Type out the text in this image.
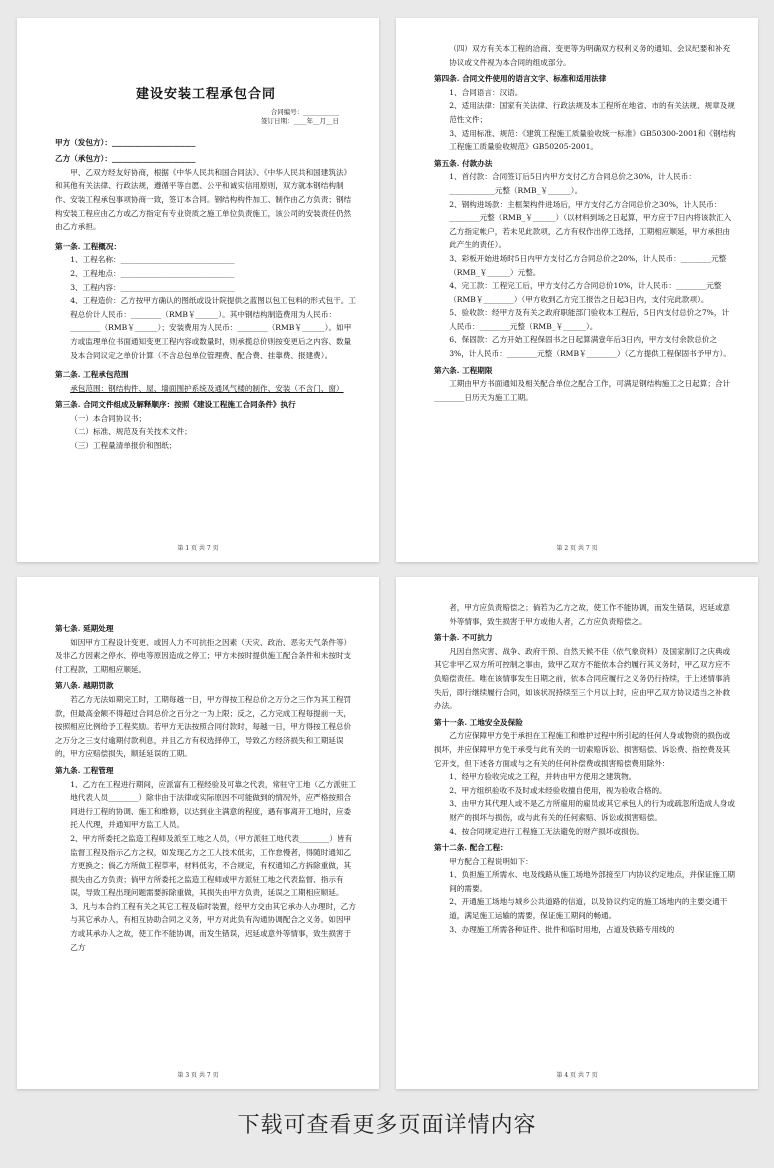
建设安装工程承包合同
合同编号：___________
签订日期：____年__月__日

甲方（发包方）：______________________

乙方（承包方）：______________________

甲、乙双方经友好协商，根据《中华人民共和国合同法》、《中华人民共和国建筑法》和其他有关法律、行政法规，遵循平等自愿、公平和诚实信用原则，双方就本钢结构制作、安装工程承包事项协商一致，签订本合同。钢结构构件加工、制作由乙方负责；钢结构安装工程应由乙方或乙方指定有专业资质之施工单位负责施工，该公司的安装责任仍然由乙方承担。

第一条. 工程概况：

1、工程名称：______________________________

2、工程地点：______________________________

3、工程内容：______________________________

4、工程造价：乙方按甲方确认的图纸或设计院提供之蓝图以包工包料的形式包干。工程总价计人民币：________（RMB￥______）。其中钢结构制造费用为人民币：________（RMB￥______）；安装费用为人民币：________（RMB￥______）。如甲方或监理单位书面通知变更工程内容或数量时，则承揽总价则按变更后之内容、数量及本合同议定之单价计算（不含总包单位管理费、配合费、挂靠费、报建费）。

第二条. 工程承包范围

承包范围：钢结构件、屋、墙面围护系统及通风气楼的制作、安装（不含门、窗）

第三条. 合同文件组成及解释顺序：按照《建设工程施工合同条件》执行

（一）本合同协议书；

（二）标准、规范及有关技术文件；

（三）工程量清单报价和图纸；

第 1 页 共 7 页

（四）双方有关本工程的洽商、变更等为明确双方权利义务的通知、会议纪要和补充协议或文件视为本合同的组成部分。

第四条. 合同文件使用的语言文字、标准和适用法律

1、合同语言：汉语。

2、适用法律：国家有关法律、行政法规及本工程所在地省、市的有关法规、规章及规范性文件；

3、适用标准、规范：《建筑工程施工质量验收统一标准》GB50300-2001和《钢结构工程施工质量验收规范》GB50205-2001。

第五条. 付款办法

1、首付款：合同签订后5日内甲方支付乙方合同总价之30%，计人民币：____________元整（RMB_￥______）。

2、钢构进场款：主框架构件进场后，甲方支付乙方合同总价之30%，计人民币：________元整（RMB_￥______）（以材料到场之日起算，甲方应于7日内将该款汇入乙方指定帐户，若未见此款项，乙方有权作出停工选择，工期相应顺延，甲方承担由此产生的责任）。

3、彩板开始进场时5日内甲方支付乙方合同总价之20%，计人民币：________元整（RMB_￥______）元整。

4、完工款：工程完工后，甲方支付乙方合同总价10%，计人民币：________元整（RMB￥________）（甲方收到乙方完工报告之日起3日内，支付完此款项）。

5、验收款：经甲方及有关之政府职能部门验收本工程后，5日内支付总价之7%，计人民币：________元整（RMB_￥______）。

6、保固款：乙方开始工程保固书之日起算满壹年后3日内，甲方支付余款总价之3%，计人民币：________元整（RMB￥________）（乙方提供工程保固书予甲方）。

第六条. 工程期限

工期由甲方书面通知及相关配合单位之配合工作，可满足钢结构施工之日起算；合计________日历天为施工工期。

第 2 页 共 7 页

第七条. 延期处理

如因甲方工程设计变更、或因人力不可抗拒之因素（天灾、政治、恶劣天气条件等）及非乙方因素之停水、停电等原因造成之停工；甲方未按时提供施工配合条件和未按时支付工程款，工期相应顺延。

第八条. 越期罚款

若乙方无法如期完工时，工期每越一日，甲方得按工程总价之万分之三作为其工程罚款，但最高金额不得超过合同总价之百分之一为上限；反之，乙方完成工程每提前一天，按照相应比例给予工程奖励。若甲方无法按照合同付款时，每越一日，甲方得按工程总价之万分之三支付逾期付款利息，并且乙方有权选择停工，导致乙方经济损失和工期延误的，甲方应赔偿损失，顺延延误的工期。

第九条. 工程管理

1、乙方在工程进行期间，应派富有工程经验及可靠之代表，常驻守工地（乙方派驻工地代表人员________）除非由于法律或实际原因不可能做到的情况外，应严格按照合同进行工程的协调、施工和维修，以达到业主满意的程度，遇有事离开工地时，应委托人代理，并通知甲方监工人员。

2、甲方所委托之监造工程师及派至工地之人员，（甲方派驻工地代表________）皆有监督工程及指示乙方之权，如发现乙方之工人技术低劣，工作怠慢者，得随时通知乙方更换之；倘乙方所做工程草率，材料低劣，不合规定，有权通知乙方拆除重做，其损失由乙方负责；倘甲方所委托之监造工程师或甲方派驻工地之代表监督、指示有误，导致工程出现问题需要拆除重做，其损失由甲方负责，延误之工期相应顺延。

3、凡与本合约工程有关之其它工程及临时装置，经甲方交由其它承办人办理时，乙方与其它承办人，有相互协助合同之义务，甲方对此负有沟通协调配合之义务。如因甲方或其承办人之故，使工作不能协调，而发生错误，迟延或意外等情事，致生损害于乙方

第 3 页 共 7 页

者，甲方应负责赔偿之；倘若为乙方之故，使工作不能协调，而发生错误，迟延或意外等情事，致生损害于甲方或他人者，乙方应负责赔偿之。

第十条. 不可抗力

凡因自然灾害、战争、政府干预、自然天候不佳（依气象资料）及国家制订之庆典或其它非甲乙双方所可控制之事由，致甲乙双方不能依本合约履行其义务时，甲乙双方应不负赔偿责任。唯在该情事发生日期之前，依本合同应履行之义务仍行持续，于上述情事消失后，即行继续履行合同，如该状况持续至三个月以上时，应由甲乙双方协议适当之补救办法。

第十一条. 工地安全及保险

乙方应保障甲方免于承担在工程施工和维护过程中所引起的任何人身或物资的损伤或损坏，并应保障甲方免于承受与此有关的一切索赔诉讼、损害赔偿、诉讼费、指控费及其它开支，但下述各方面或与之有关的任何补偿费或损害赔偿费用除外：

1、经甲方验收完成之工程，并转由甲方使用之建筑物。

2、甲方组织验收不及时或未经验收擅自使用，视为验收合格的。

3、由甲方其代理人或不是乙方所雇用的雇员或其它承包人的行为或疏忽所造成人身或财产的损坏与损伤，或与此有关的任何索赔、诉讼或损害赔偿。

4、按合同规定进行工程施工无法避免的财产损坏或损伤。

第十二条. 配合工程：

甲方配合工程说明如下：

1、负担施工所需水、电及线路从施工场地外部接至厂内协议约定地点，并保证施工期间的需要。

2、开通施工场地与城乡公共道路的信道，以及协议约定的施工场地内的主要交通干道，满足施工运输的需要，保证施工期间的畅通。

3、办理施工所需各种证件、批件和临时用地，占道及铁路专用线的

第 4 页 共 7 页
下载可查看更多页面详情内容
